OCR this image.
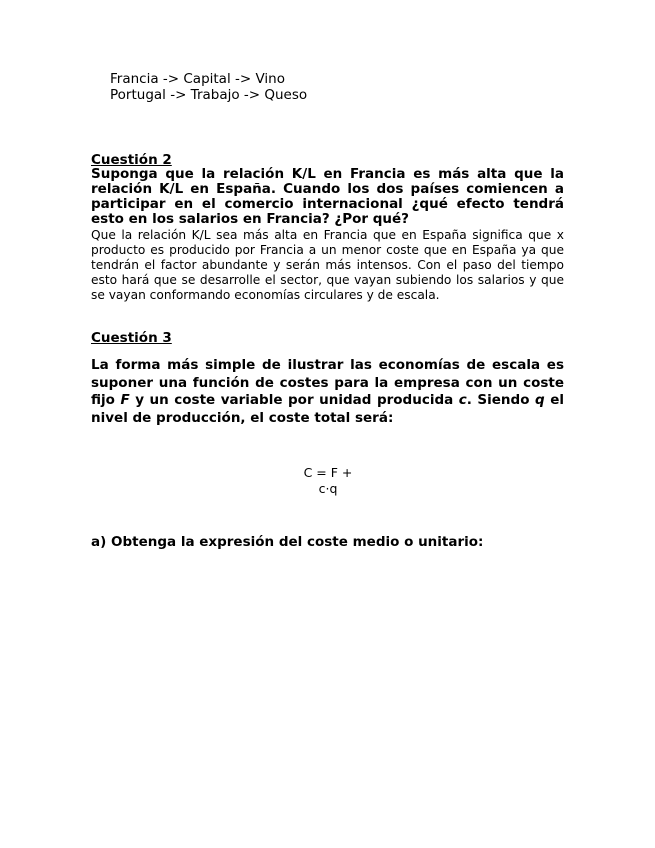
Francia -> Capital -> Vino
Portugal -> Trabajo -> Queso
Cuestión 2
Suponga que la relación K/L en Francia es más alta que la relación K/L en España. Cuando los dos países comiencen a participar en el comercio internacional ¿qué efecto tendrá esto en los salarios en Francia? ¿Por qué?
Que la relación K/L sea más alta en Francia que en España significa que x producto es producido por Francia a un menor coste que en España ya que tendrán el factor abundante y serán más intensos. Con el paso del tiempo esto hará que se desarrolle el sector, que vayan subiendo los salarios y que se vayan conformando economías circulares y de escala.
Cuestión 3
La forma más simple de ilustrar las economías de escala es suponer una función de costes para la empresa con un coste fijo F y un coste variable por unidad producida c. Siendo q el nivel de producción, el coste total será:
C = F +
c·q
a) Obtenga la expresión del coste medio o unitario:
